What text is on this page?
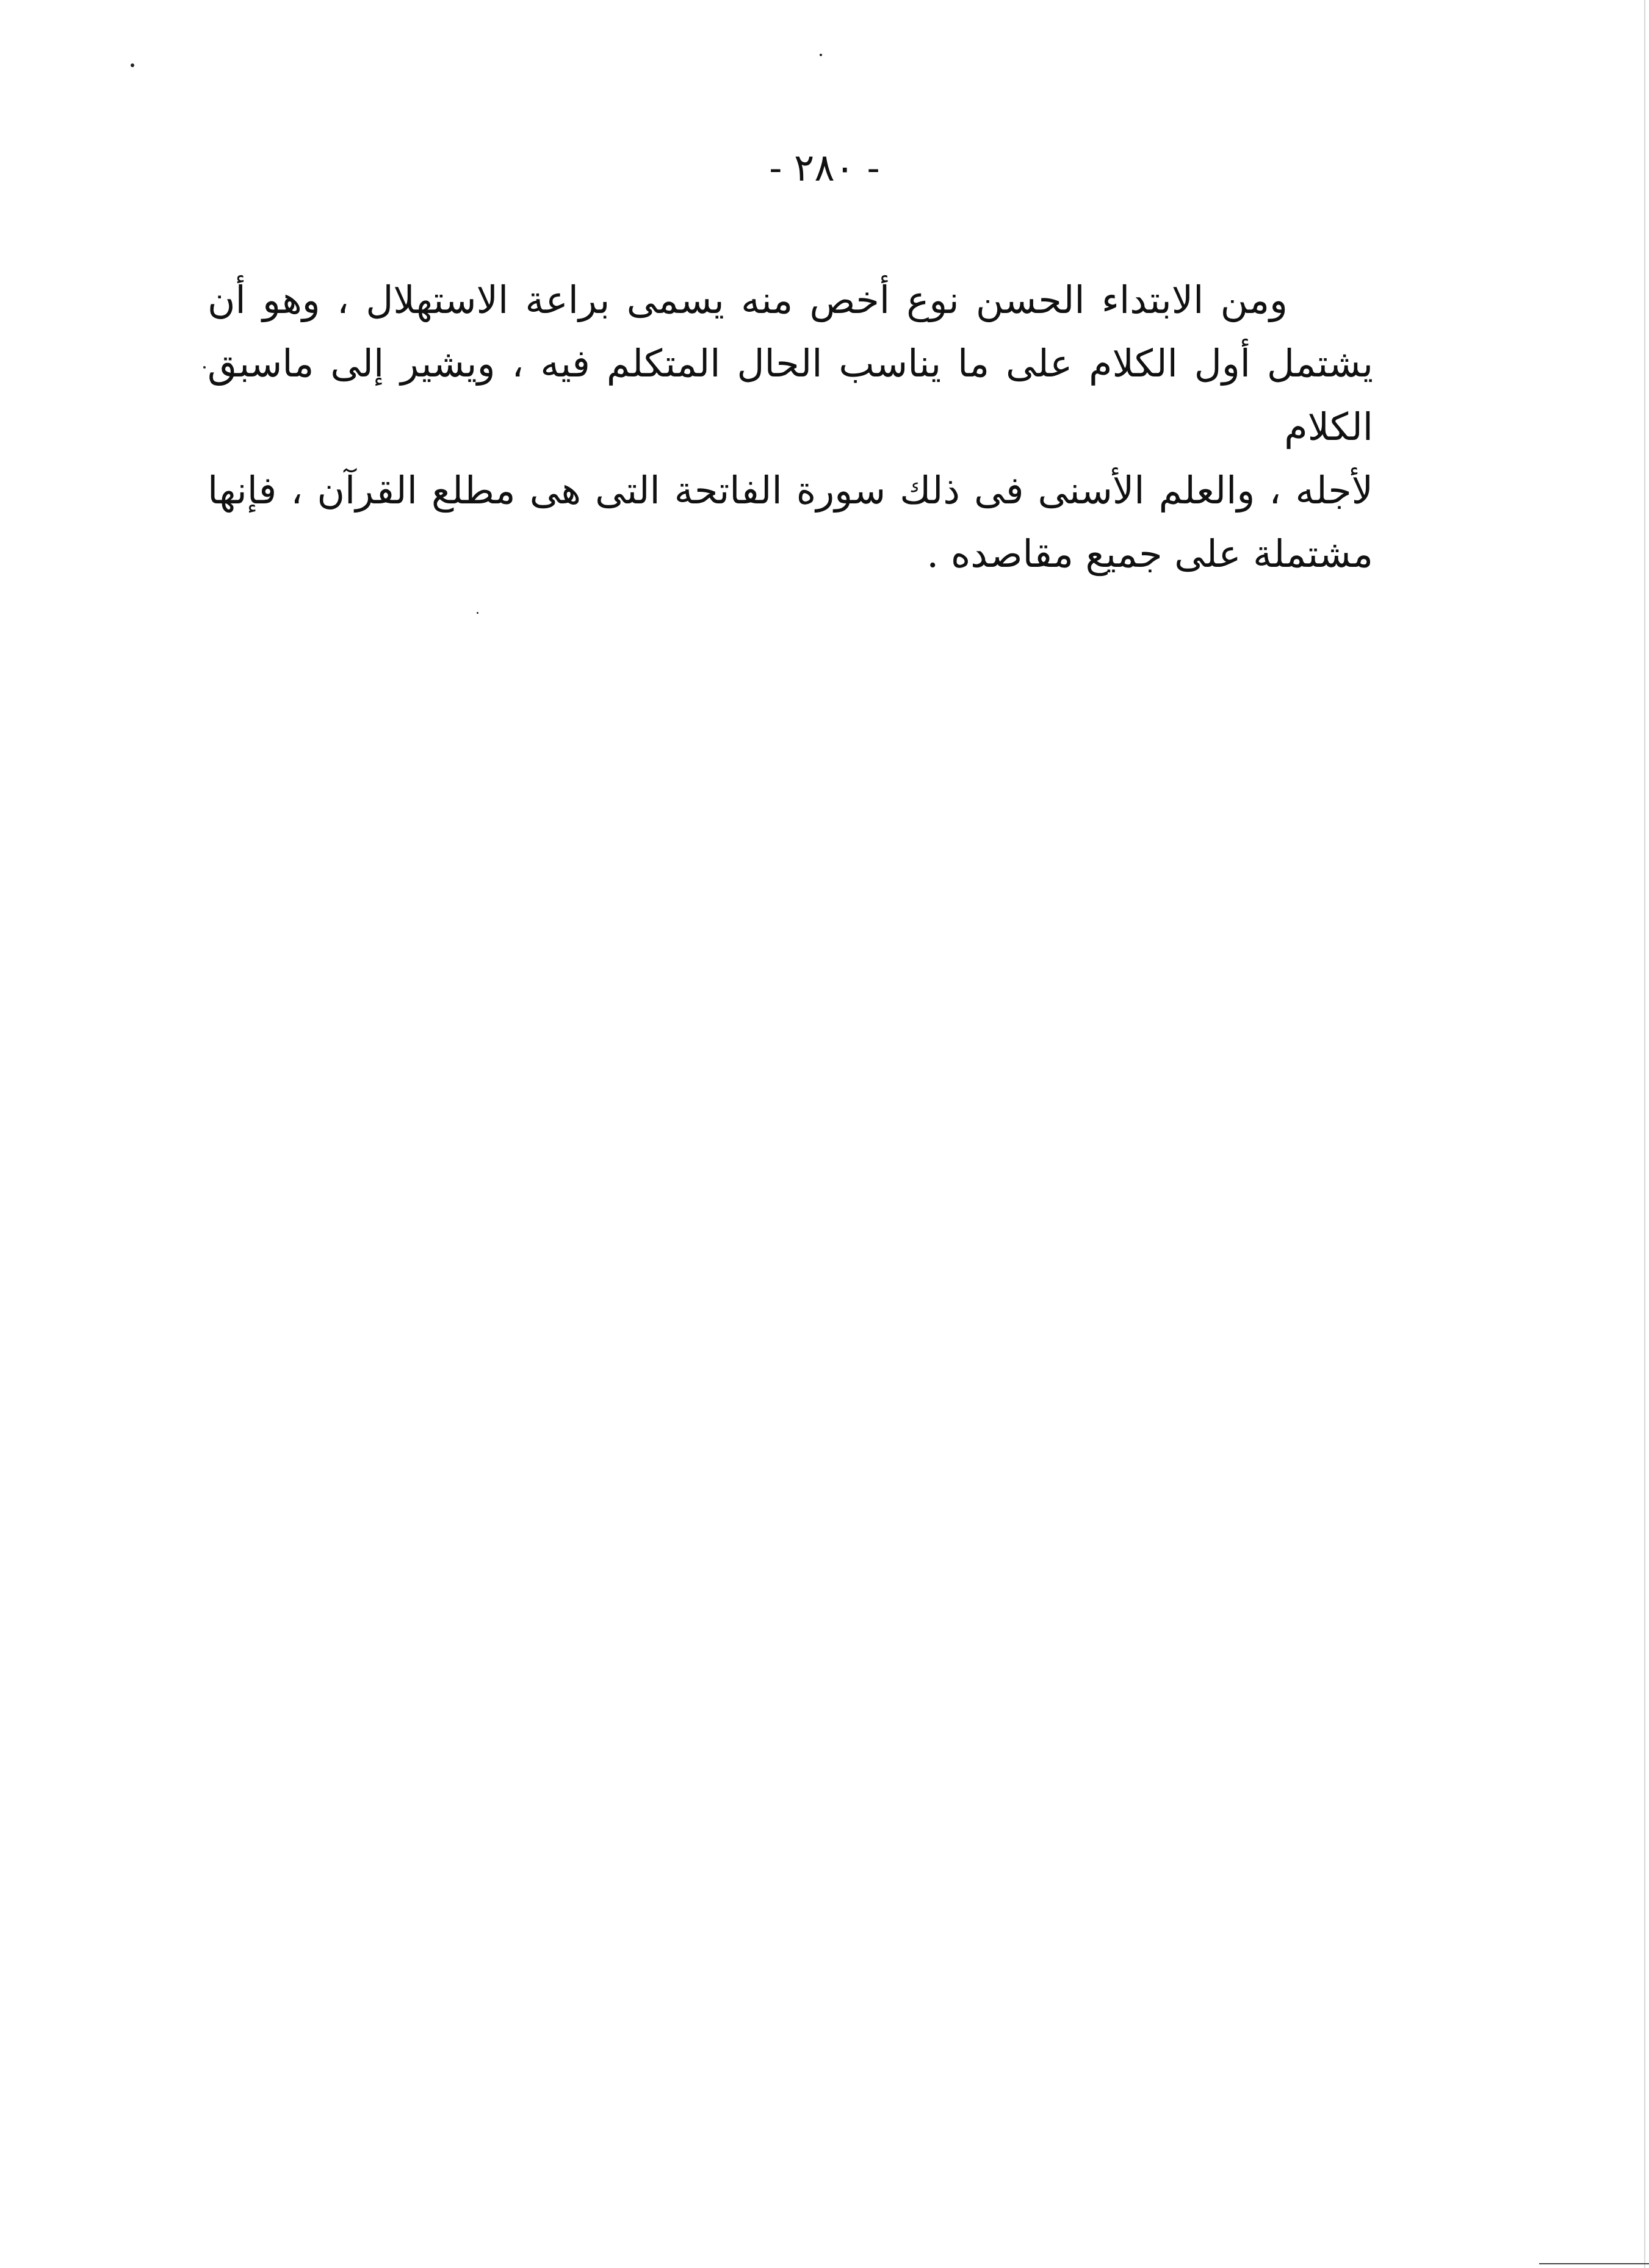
- ٢٨٠ -
ومن الابتداء الحسن نوع أخص منه يسمى براعة الاستهلال ، وهو أن
يشتمل أول الكلام على ما يناسب الحال المتكلم فيه ، ويشير إلى ماسبق الكلام
لأجله ، والعلم الأسنى فى ذلك سورة الفاتحة التى هى مطلع القرآن ، فإنها
مشتملة على جميع مقاصده .
